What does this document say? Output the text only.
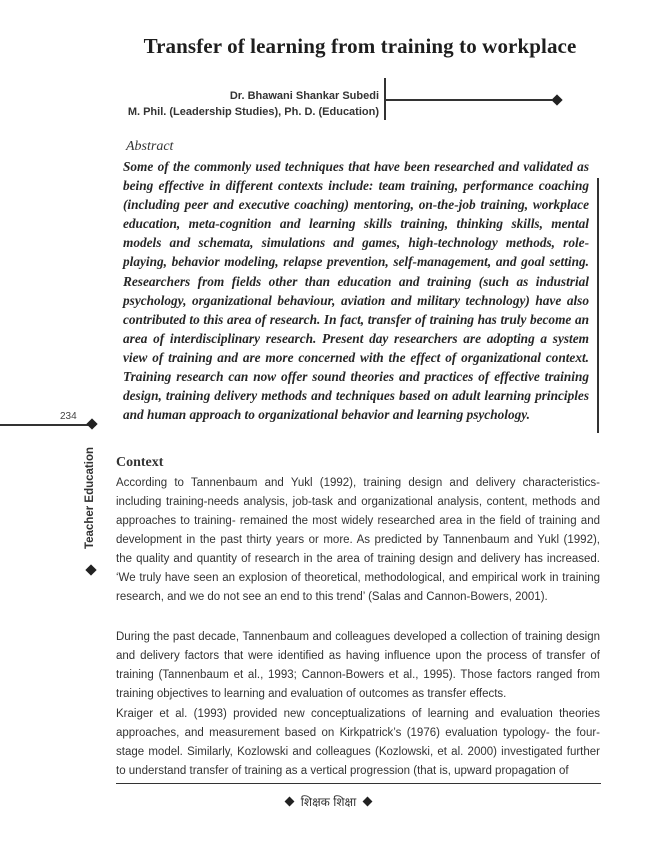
Transfer of learning from training to workplace
Dr. Bhawani Shankar Subedi
M. Phil. (Leadership Studies), Ph. D. (Education)
Abstract

Some of the commonly used techniques that have been researched and validated as being effective in different contexts include: team training, performance coaching (including peer and executive coaching) mentoring, on-the-job training, workplace education, meta-cognition and learning skills training, thinking skills, mental models and schemata, simulations and games, high-technology methods, role-playing, behavior modeling, relapse prevention, self-management, and goal setting. Researchers from fields other than education and training (such as industrial psychology, organizational behaviour, aviation and military technology) have also contributed to this area of research. In fact, transfer of training has truly become an area of interdisciplinary research. Present day researchers are adopting a system view of training and are more concerned with the effect of organizational context. Training research can now offer sound theories and practices of effective training design, training delivery methods and techniques based on adult learning principles and human approach to organizational behavior and learning psychology.

234
Teacher Education Context

According to Tannenbaum and Yukl (1992), training design and delivery characteristics-including training-needs analysis, job-task and organizational analysis, content, methods and approaches to training- remained the most widely researched area in the field of training and development in the past thirty years or more. As predicted by Tannenbaum and Yukl (1992), the quality and quantity of research in the area of training design and delivery has increased. ‘We truly have seen an explosion of theoretical, methodological, and empirical work in training research, and we do not see an end to this trend’ (Salas and Cannon-Bowers, 2001).

During the past decade, Tannenbaum and colleagues developed a collection of training design and delivery factors that were identified as having influence upon the process of transfer of training (Tannenbaum et al., 1993; Cannon-Bowers et al., 1995). Those factors ranged from training objectives to learning and evaluation of outcomes as transfer effects.

Kraiger et al. (1993) provided new conceptualizations of learning and evaluation theories approaches, and measurement based on Kirkpatrick’s (1976) evaluation typology- the four-stage model. Similarly, Kozlowski and colleagues (Kozlowski, et al. 2000) investigated further to understand transfer of training as a vertical progression (that is, upward propagation of

शिक्षक शिक्षा
